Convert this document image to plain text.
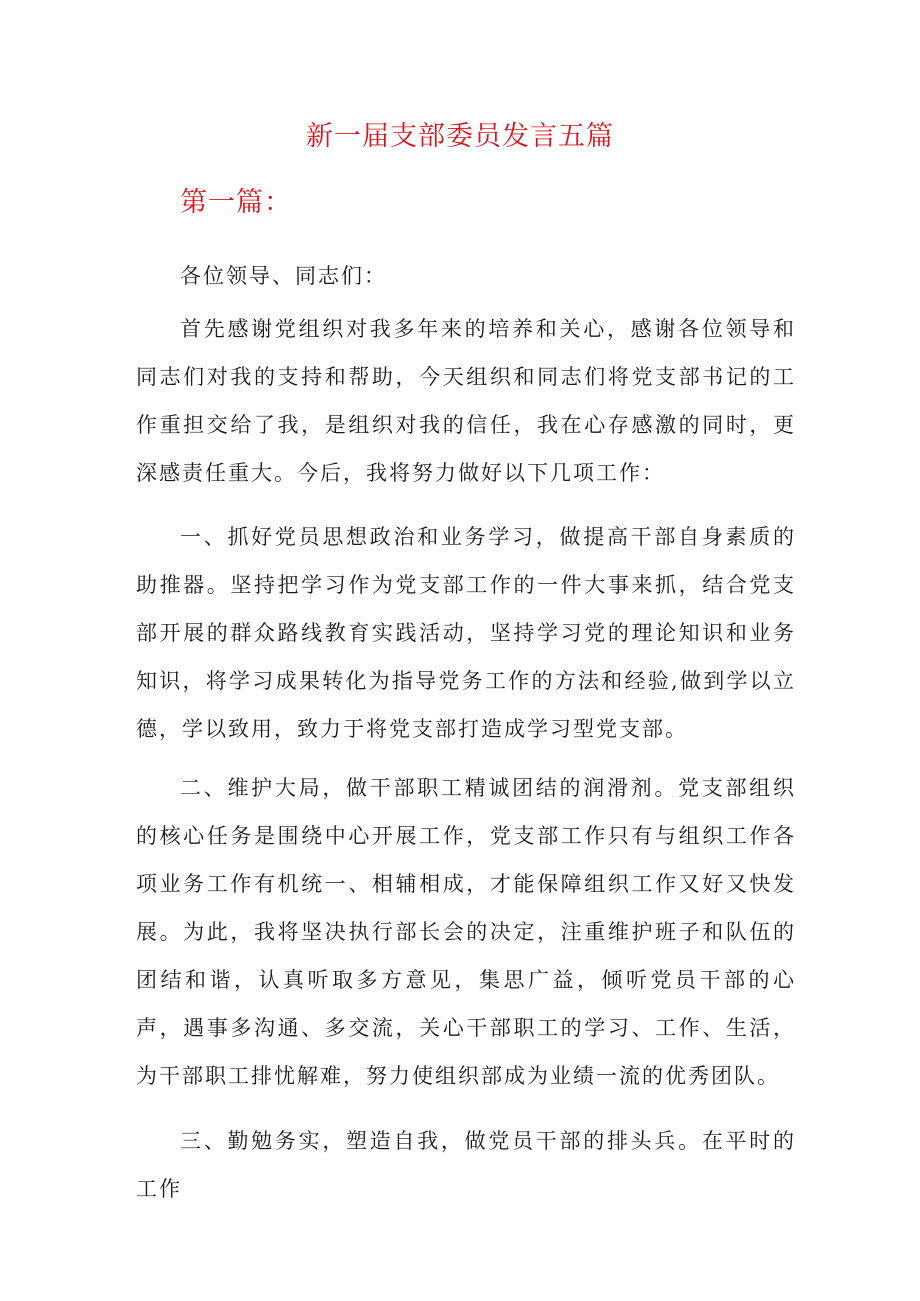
新一届支部委员发言五篇
第一篇：

各位领导、同志们：

首先感谢党组织对我多年来的培养和关心，感谢各位领导和同志们对我的支持和帮助，今天组织和同志们将党支部书记的工作重担交给了我，是组织对我的信任，我在心存感激的同时，更深感责任重大。今后，我将努力做好以下几项工作：

一、抓好党员思想政治和业务学习，做提高干部自身素质的助推器。坚持把学习作为党支部工作的一件大事来抓，结合党支部开展的群众路线教育实践活动，坚持学习党的理论知识和业务知识，将学习成果转化为指导党务工作的方法和经验,做到学以立德，学以致用，致力于将党支部打造成学习型党支部。

二、维护大局，做干部职工精诚团结的润滑剂。党支部组织的核心任务是围绕中心开展工作，党支部工作只有与组织工作各项业务工作有机统一、相辅相成，才能保障组织工作又好又快发展。为此，我将坚决执行部长会的决定，注重维护班子和队伍的团结和谐，认真听取多方意见，集思广益，倾听党员干部的心声，遇事多沟通、多交流，关心干部职工的学习、工作、生活，为干部职工排忧解难，努力使组织部成为业绩一流的优秀团队。

三、勤勉务实，塑造自我，做党员干部的排头兵。在平时的工作
